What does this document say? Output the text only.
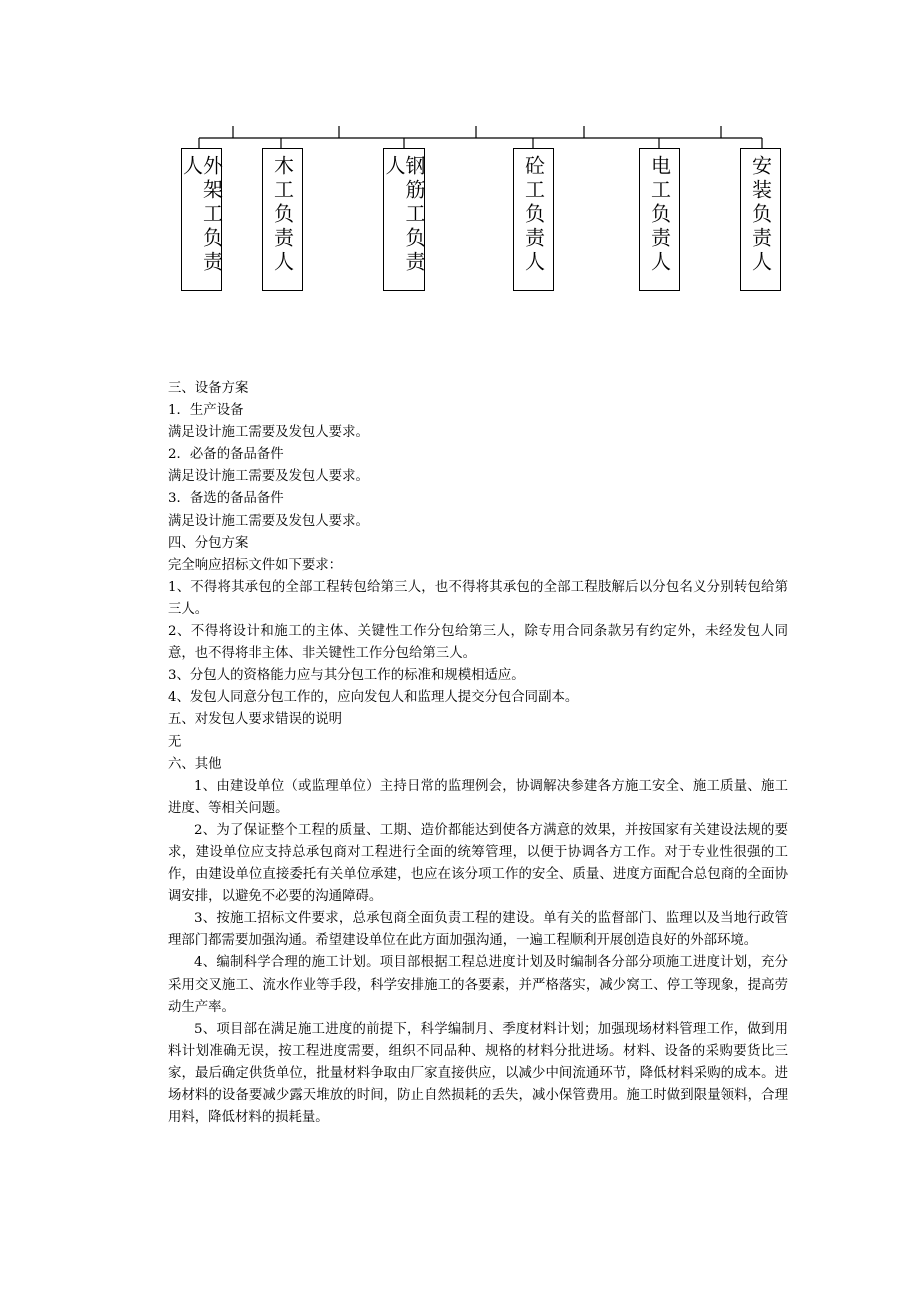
外架工负责人	木工负责人	钢筋工负责人	砼工负责人	电工负责人	安装负责人
三、设备方案
1．生产设备
满足设计施工需要及发包人要求。
2．必备的备品备件
满足设计施工需要及发包人要求。
3．备选的备品备件
满足设计施工需要及发包人要求。
四、分包方案
完全响应招标文件如下要求：
1、不得将其承包的全部工程转包给第三人，也不得将其承包的全部工程肢解后以分包名义分别转包给第三人。
2、不得将设计和施工的主体、关键性工作分包给第三人，除专用合同条款另有约定外，未经发包人同意，也不得将非主体、非关键性工作分包给第三人。
3、分包人的资格能力应与其分包工作的标准和规模相适应。
4、发包人同意分包工作的，应向发包人和监理人提交分包合同副本。
五、对发包人要求错误的说明
无
六、其他
1、由建设单位（或监理单位）主持日常的监理例会，协调解决参建各方施工安全、施工质量、施工进度、等相关问题。
2、为了保证整个工程的质量、工期、造价都能达到使各方满意的效果，并按国家有关建设法规的要求，建设单位应支持总承包商对工程进行全面的统筹管理，以便于协调各方工作。对于专业性很强的工作，由建设单位直接委托有关单位承建，也应在该分项工作的安全、质量、进度方面配合总包商的全面协调安排，以避免不必要的沟通障碍。
3、按施工招标文件要求，总承包商全面负责工程的建设。单有关的监督部门、监理以及当地行政管理部门都需要加强沟通。希望建设单位在此方面加强沟通，一遍工程顺利开展创造良好的外部环境。
4、编制科学合理的施工计划。项目部根据工程总进度计划及时编制各分部分项施工进度计划，充分采用交叉施工、流水作业等手段，科学安排施工的各要素，并严格落实，减少窝工、停工等现象，提高劳动生产率。
5、项目部在满足施工进度的前提下，科学编制月、季度材料计划；加强现场材料管理工作，做到用料计划准确无误，按工程进度需要，组织不同品种、规格的材料分批进场。材料、设备的采购要货比三家，最后确定供货单位，批量材料争取由厂家直接供应，以减少中间流通环节，降低材料采购的成本。进场材料的设备要减少露天堆放的时间，防止自然损耗的丢失，减小保管费用。施工时做到限量领料，合理用料，降低材料的损耗量。
